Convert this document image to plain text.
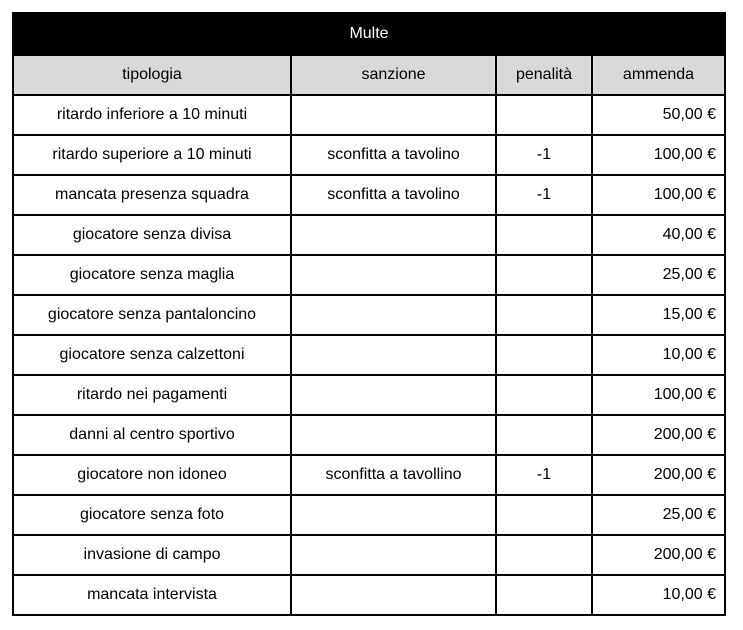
Multe			
tipologia	sanzione	penalità	ammenda
ritardo inferiore a 10 minuti			50,00 €
ritardo superiore a 10 minuti	sconfitta a tavolino	-1	100,00 €
mancata presenza squadra	sconfitta a tavolino	-1	100,00 €
giocatore senza divisa			40,00 €
giocatore senza maglia			25,00 €
giocatore senza pantaloncino			15,00 €
giocatore senza calzettoni			10,00 €
ritardo nei pagamenti			100,00 €
danni al centro sportivo			200,00 €
giocatore non idoneo	sconfitta a tavollino	-1	200,00 €
giocatore senza foto			25,00 €
invasione di campo			200,00 €
mancata intervista			10,00 €
